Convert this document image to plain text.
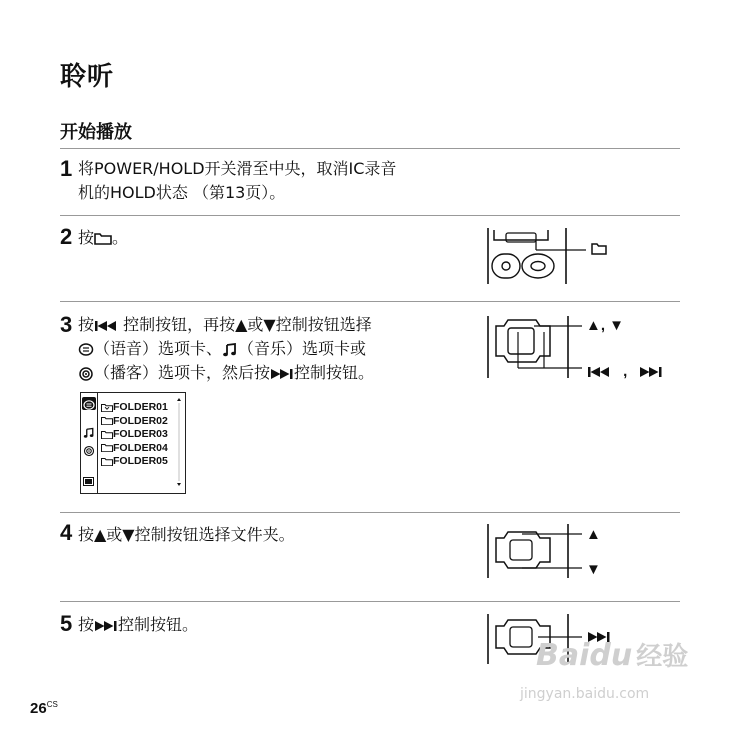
聆听
开始播放
1 将POWER/HOLD开关滑至中央，取消IC录音
机的HOLD状态 （第13页）。
2 按 。
3 按 控制按钮，再按▲或▼控制按钮选择
（语音）选项卡、 （音乐）选项卡或
（播客）选项卡，然后按 控制按钮。
FOLDER01
FOLDER02
FOLDER03
FOLDER04
FOLDER05
▲, ▼
,
4 按▲或▼控制按钮选择文件夹。	▲
▼
5 按 控制按钮。
Baidu 经验
jingyan.baidu.com
$26^{CS}$
